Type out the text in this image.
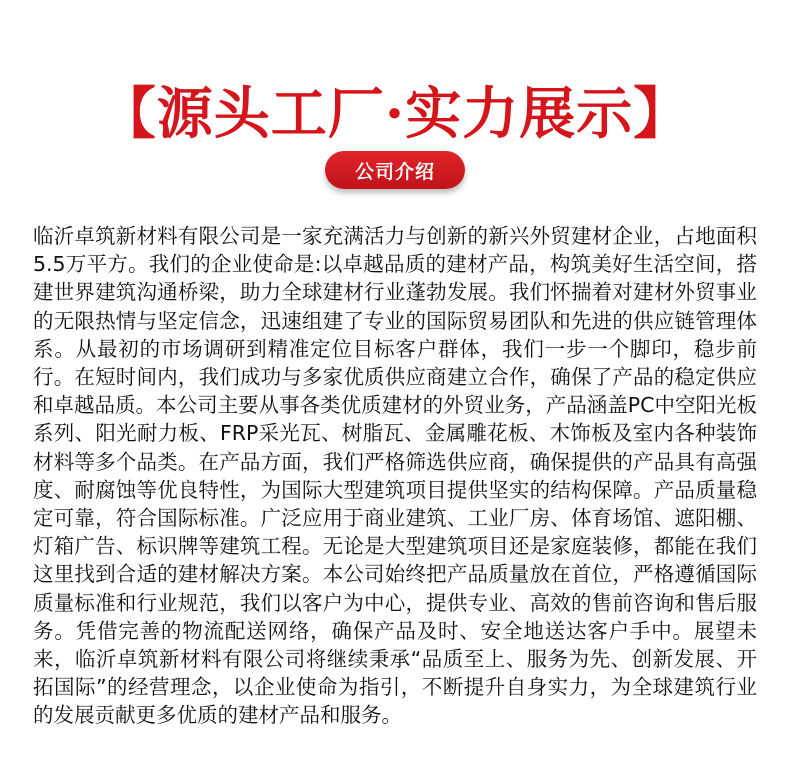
【源头工厂·实力展示】
公司介绍

临沂卓筑新材料有限公司是一家充满活力与创新的新兴外贸建材企业，占地面积5.5万平方。我们的企业使命是:以卓越品质的建材产品，构筑美好生活空间，搭建世界建筑沟通桥梁，助力全球建材行业蓬勃发展。我们怀揣着对建材外贸事业的无限热情与坚定信念，迅速组建了专业的国际贸易团队和先进的供应链管理体系。从最初的市场调研到精准定位目标客户群体，我们一步一个脚印，稳步前行。在短时间内，我们成功与多家优质供应商建立合作，确保了产品的稳定供应和卓越品质。本公司主要从事各类优质建材的外贸业务，产品涵盖PC中空阳光板系列、阳光耐力板、FRP采光瓦、树脂瓦、金属雕花板、木饰板及室内各种装饰材料等多个品类。在产品方面，我们严格筛选供应商，确保提供的产品具有高强度、耐腐蚀等优良特性，为国际大型建筑项目提供坚实的结构保障。产品质量稳定可靠，符合国际标准。广泛应用于商业建筑、工业厂房、体育场馆、遮阳棚、灯箱广告、标识牌等建筑工程。无论是大型建筑项目还是家庭装修，都能在我们这里找到合适的建材解决方案。本公司始终把产品质量放在首位，严格遵循国际质量标准和行业规范，我们以客户为中心，提供专业、高效的售前咨询和售后服务。凭借完善的物流配送网络，确保产品及时、安全地送达客户手中。展望未来，临沂卓筑新材料有限公司将继续秉承“品质至上、服务为先、创新发展、开拓国际”的经营理念，以企业使命为指引，不断提升自身实力，为全球建筑行业的发展贡献更多优质的建材产品和服务。
